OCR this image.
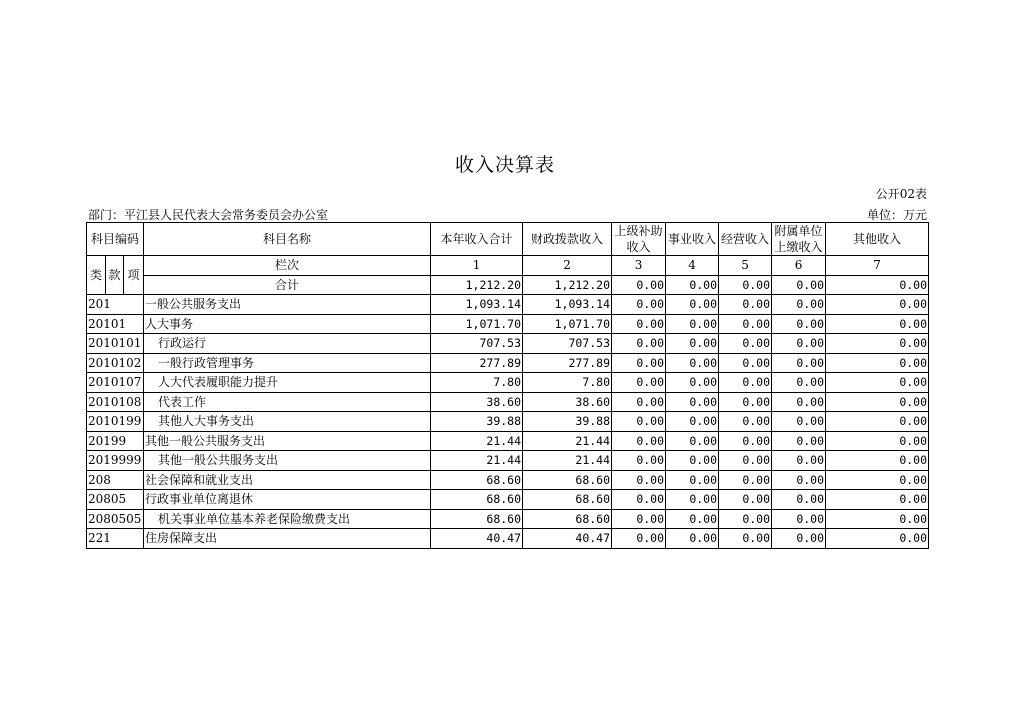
收入决算表
公开02表
部门：平江县人民代表大会常务委员会办公室	单位：万元
科目编码			科目名称	本年收入合计	财政拨款收入	上级补助收入	事业收入	经营收入	附属单位上缴收入	其他收入
类	款	项	栏次	1	2	3	4	5	6	7
			合计	1,212.20	1,212.20	0.00	0.00	0.00	0.00	0.00
201			一般公共服务支出	1,093.14	1,093.14	0.00	0.00	0.00	0.00	0.00
20101			人大事务	1,071.70	1,071.70	0.00	0.00	0.00	0.00	0.00
2010101			行政运行	707.53	707.53	0.00	0.00	0.00	0.00	0.00
2010102			一般行政管理事务	277.89	277.89	0.00	0.00	0.00	0.00	0.00
2010107			人大代表履职能力提升	7.80	7.80	0.00	0.00	0.00	0.00	0.00
2010108			代表工作	38.60	38.60	0.00	0.00	0.00	0.00	0.00
2010199			其他人大事务支出	39.88	39.88	0.00	0.00	0.00	0.00	0.00
20199			其他一般公共服务支出	21.44	21.44	0.00	0.00	0.00	0.00	0.00
2019999			其他一般公共服务支出	21.44	21.44	0.00	0.00	0.00	0.00	0.00
208			社会保障和就业支出	68.60	68.60	0.00	0.00	0.00	0.00	0.00
20805			行政事业单位离退休	68.60	68.60	0.00	0.00	0.00	0.00	0.00
2080505			机关事业单位基本养老保险缴费支出	68.60	68.60	0.00	0.00	0.00	0.00	0.00
221			住房保障支出	40.47	40.47	0.00	0.00	0.00	0.00	0.00
